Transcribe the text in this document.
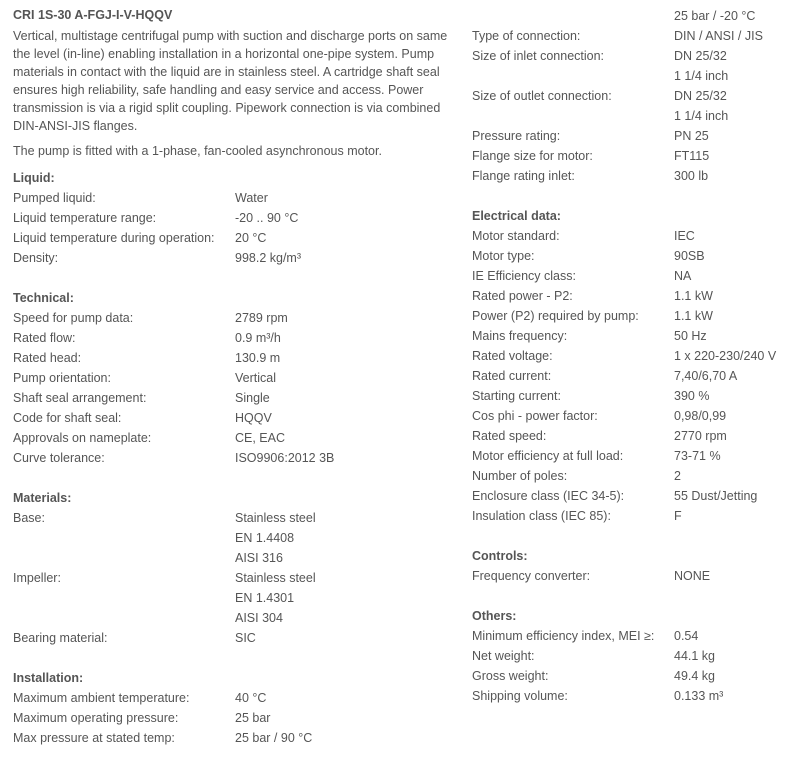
CRI 1S-30 A-FGJ-I-V-HQQV
Vertical, multistage centrifugal pump with suction and discharge ports on same the level (in-line) enabling installation in a horizontal one-pipe system. Pump materials in contact with the liquid are in stainless steel. A cartridge shaft seal ensures high reliability, safe handling and easy service and access. Power transmission is via a rigid split coupling. Pipework connection is via combined DIN-ANSI-JIS flanges.
The pump is fitted with a 1-phase, fan-cooled asynchronous motor.
Liquid:
Pumped liquid:	Water
Liquid temperature range:	-20 .. 90 °C
Liquid temperature during operation: 20 °C
Density:	998.2 kg/m³
Technical:
Speed for pump data:	2789 rpm
Rated flow:	0.9 m³/h
Rated head:	130.9 m
Pump orientation:	Vertical
Shaft seal arrangement:	Single
Code for shaft seal:	HQQV
Approvals on nameplate:	CE, EAC
Curve tolerance:	ISO9906:2012 3B
Materials:
Base:	Stainless steel
EN 1.4408
AISI 316
Impeller:	Stainless steel
EN 1.4301
AISI 304
Bearing material:	SIC
Installation:
Maximum ambient temperature:	40 °C
Maximum operating pressure:	25 bar
Max pressure at stated temp:	25 bar / 90 °C
25 bar / -20 °C
Type of connection:	DIN / ANSI / JIS
Size of inlet connection:	DN 25/32
1 1/4 inch
Size of outlet connection:	DN 25/32
1 1/4 inch
Pressure rating:	PN 25
Flange size for motor:	FT115
Flange rating inlet:	300 lb
Electrical data:
Motor standard:	IEC
Motor type:	90SB
IE Efficiency class:	NA
Rated power - P2:	1.1 kW
Power (P2) required by pump:	1.1 kW
Mains frequency:	50 Hz
Rated voltage:	1 x 220-230/240 V
Rated current:	7,40/6,70 A
Starting current:	390 %
Cos phi - power factor:	0,98/0,99
Rated speed:	2770 rpm
Motor efficiency at full load:	73-71 %
Number of poles:	2
Enclosure class (IEC 34-5):	55 Dust/Jetting
Insulation class (IEC 85):	F
Controls:
Frequency converter:	NONE
Others:
Minimum efficiency index, MEI ≥: 0.54
Net weight:	44.1 kg
Gross weight:	49.4 kg
Shipping volume:	0.133 m³
